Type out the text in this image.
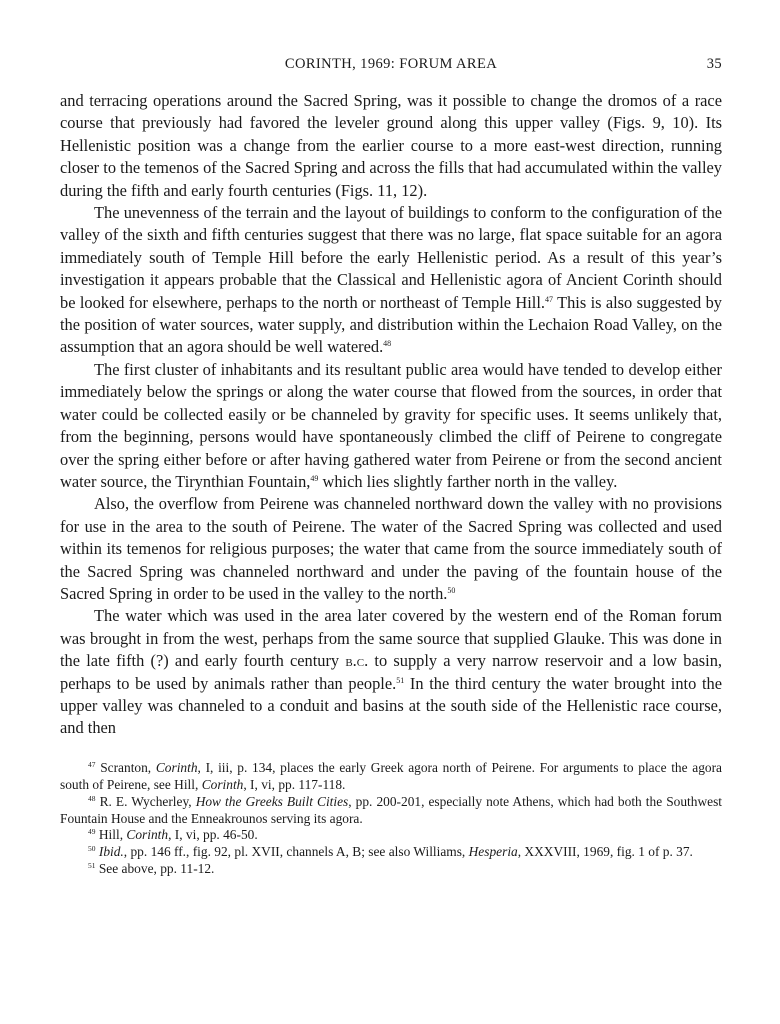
CORINTH, 1969: FORUM AREA	35

and terracing operations around the Sacred Spring, was it possible to change the dromos of a race course that previously had favored the leveler ground along this upper valley (Figs. 9, 10). Its Hellenistic position was a change from the earlier course to a more east-west direction, running closer to the temenos of the Sacred Spring and across the fills that had accumulated within the valley during the fifth and early fourth centuries (Figs. 11, 12).

The unevenness of the terrain and the layout of buildings to conform to the configuration of the valley of the sixth and fifth centuries suggest that there was no large, flat space suitable for an agora immediately south of Temple Hill before the early Hellenistic period. As a result of this year’s investigation it appears probable that the Classical and Hellenistic agora of Ancient Corinth should be looked for elsewhere, perhaps to the north or northeast of Temple Hill.$^{47}$ This is also suggested by the position of water sources, water supply, and distribution within the Lechaion Road Valley, on the assumption that an agora should be well watered.$^{48}$

The first cluster of inhabitants and its resultant public area would have tended to develop either immediately below the springs or along the water course that flowed from the sources, in order that water could be collected easily or be channeled by gravity for specific uses. It seems unlikely that, from the beginning, persons would have spontaneously climbed the cliff of Peirene to congregate over the spring either before or after having gathered water from Peirene or from the second ancient water source, the Tirynthian Fountain,$^{49}$ which lies slightly farther north in the valley.

Also, the overflow from Peirene was channeled northward down the valley with no provisions for use in the area to the south of Peirene. The water of the Sacred Spring was collected and used within its temenos for religious purposes; the water that came from the source immediately south of the Sacred Spring was channeled northward and under the paving of the fountain house of the Sacred Spring in order to be used in the valley to the north.$^{50}$

The water which was used in the area later covered by the western end of the Roman forum was brought in from the west, perhaps from the same source that supplied Glauke. This was done in the late fifth (?) and early fourth century b.c. to supply a very narrow reservoir and a low basin, perhaps to be used by animals rather than people.$^{51}$ In the third century the water brought into the upper valley was channeled to a conduit and basins at the south side of the Hellenistic race course, and then

$^{47}$ Scranton, Corinth, I, iii, p. 134, places the early Greek agora north of Peirene. For arguments to place the agora south of Peirene, see Hill, Corinth, I, vi, pp. 117-118.

$^{48}$ R. E. Wycherley, How the Greeks Built Cities, pp. 200-201, especially note Athens, which had both the Southwest Fountain House and the Enneakrounos serving its agora.

$^{49}$ Hill, Corinth, I, vi, pp. 46-50.

$^{50}$ Ibid., pp. 146 ff., fig. 92, pl. XVII, channels A, B; see also Williams, Hesperia, XXXVIII, 1969, fig. 1 of p. 37.

$^{51}$ See above, pp. 11-12.
